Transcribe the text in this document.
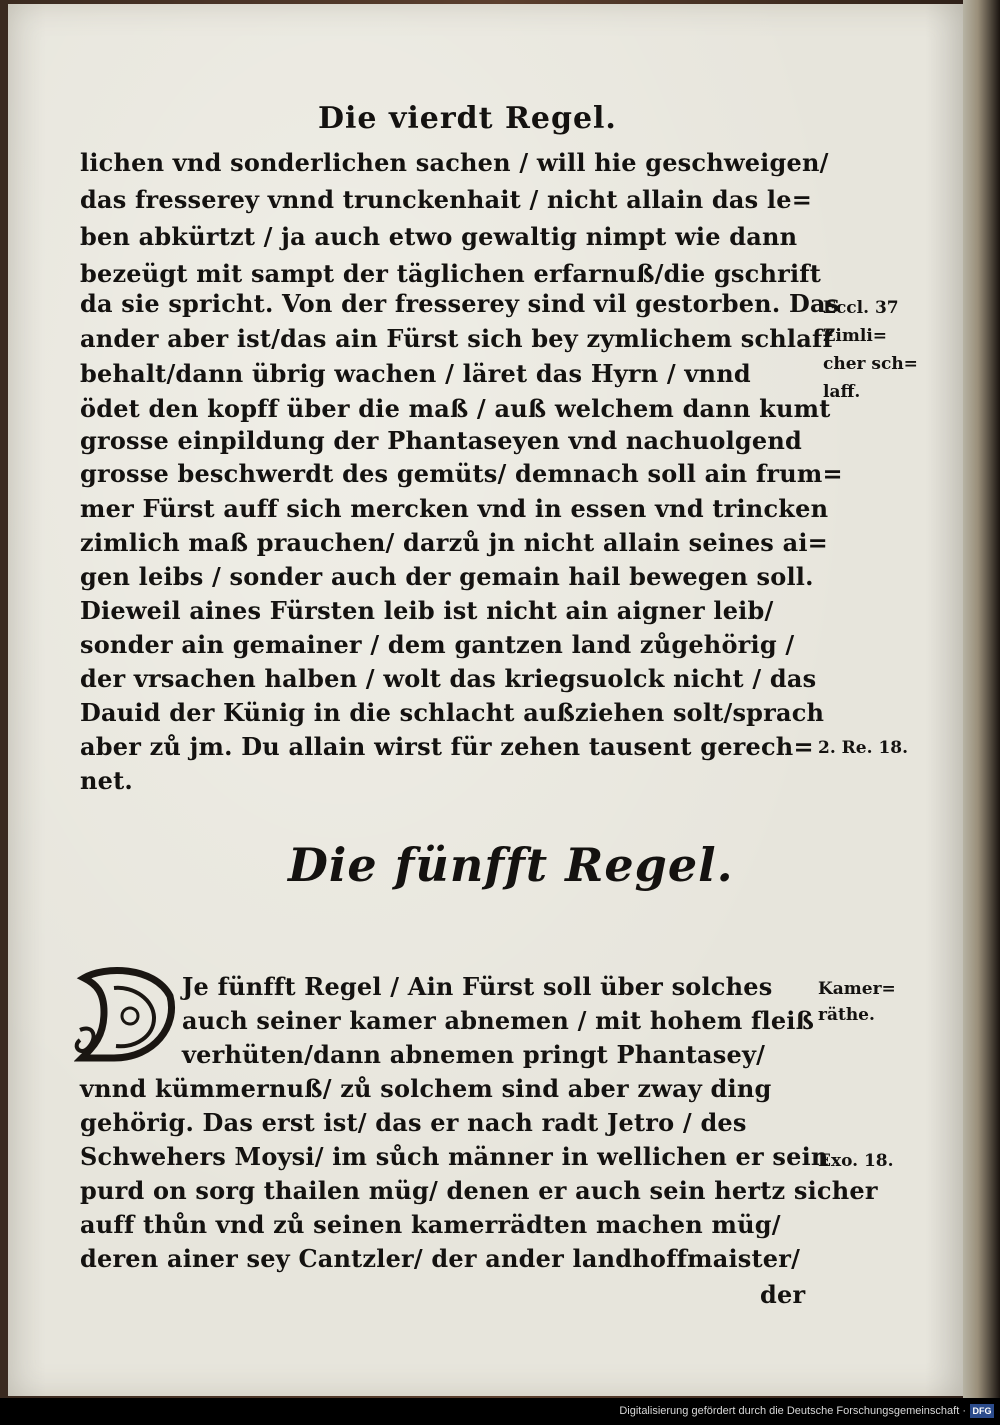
Die vierdt Regel.
lichen vnd sonderlichen sachen / will hie geschweigen/
das fresserey vnnd trunckenhait / nicht allain das le=
ben abkürtzt / ja auch etwo gewaltig nimpt wie dann
bezeügt mit sampt der täglichen erfarnuß/die gschrift
da sie spricht. Von der fresserey sind vil gestorben. Das
ander aber ist/das ain Fürst sich bey zymlichem schlaff
behalt/dann übrig wachen / läret das Hyrn / vnnd
ödet den kopff über die maß / auß welchem dann kumt
grosse einpildung der Phantaseyen vnd nachuolgend
grosse beschwerdt des gemüts/ demnach soll ain frum=
mer Fürst auff sich mercken vnd in essen vnd trincken
zimlich maß prauchen/ darzů jn nicht allain seines ai=
gen leibs / sonder auch der gemain hail bewegen soll.
Dieweil aines Fürsten leib ist nicht ain aigner leib/
sonder ain gemainer / dem gantzen land zůgehörig /
der vrsachen halben / wolt das kriegsuolck nicht / das
Dauid der Künig in die schlacht außziehen solt/sprach
aber zů jm. Du allain wirst für zehen tausent gerech=
net.
Eccl. 37
Zimli=
cher sch=
laff.
2. Re. 18.
Die fünfft Regel.
Je fünfft Regel / Ain Fürst soll über solches
auch seiner kamer abnemen / mit hohem fleiß
verhüten/dann abnemen pringt Phantasey/
vnnd kümmernuß/ zů solchem sind aber zway ding
gehörig. Das erst ist/ das er nach radt Jetro / des
Schwehers Moysi/ im sůch männer in wellichen er sein
purd on sorg thailen müg/ denen er auch sein hertz sicher
auff thůn vnd zů seinen kamerrädten machen müg/
deren ainer sey Cantzler/ der ander landhoffmaister/
der
Kamer=
räthe.
Exo. 18.
Digitalisierung gefördert durch die Deutsche Forschungsgemeinschaft · DFG
